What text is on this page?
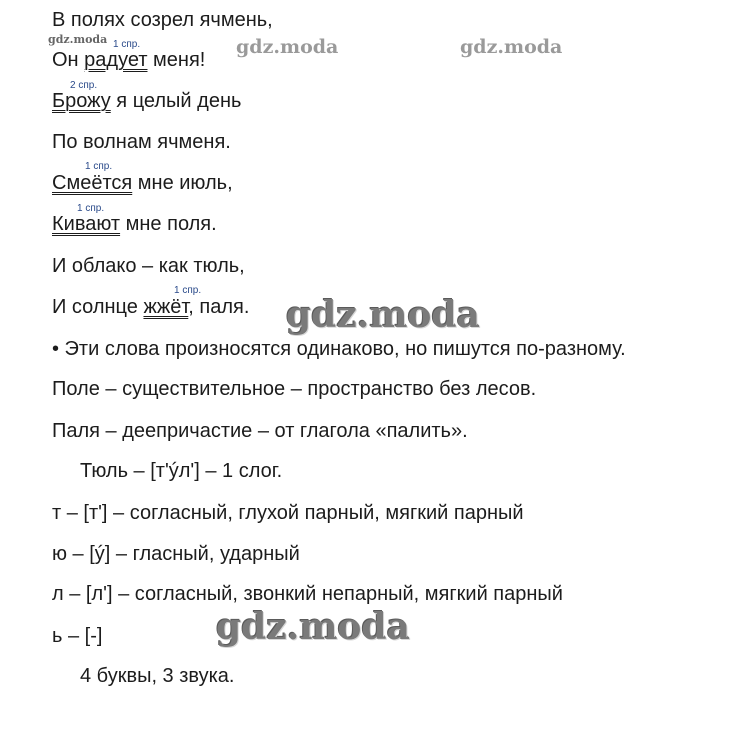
gdz.moda	gdz.moda	gdz.moda
В полях созрел ячмень,
1 спр.
Он радует меня!
2 спр.
Брожу я целый день
По волнам ячменя.
1 спр.
Смеётся мне июль,
1 спр.
Кивают мне поля.
И облако – как тюль,
1 спр.
И солнце жжёт, паля. gdz.moda
• Эти слова произносятся одинаково, но пишутся по-разному.
Поле – существительное – пространство без лесов.
Паля – деепричастие – от глагола «палить».
Тюль – [т'ýл'] – 1 слог.
т – [т'] – согласный, глухой парный, мягкий парный
ю – [ý] – гласный, ударный
л – [л'] – согласный, звонкий непарный, мягкий парный
ь – [-]	gdz.moda
4 буквы, 3 звука.
